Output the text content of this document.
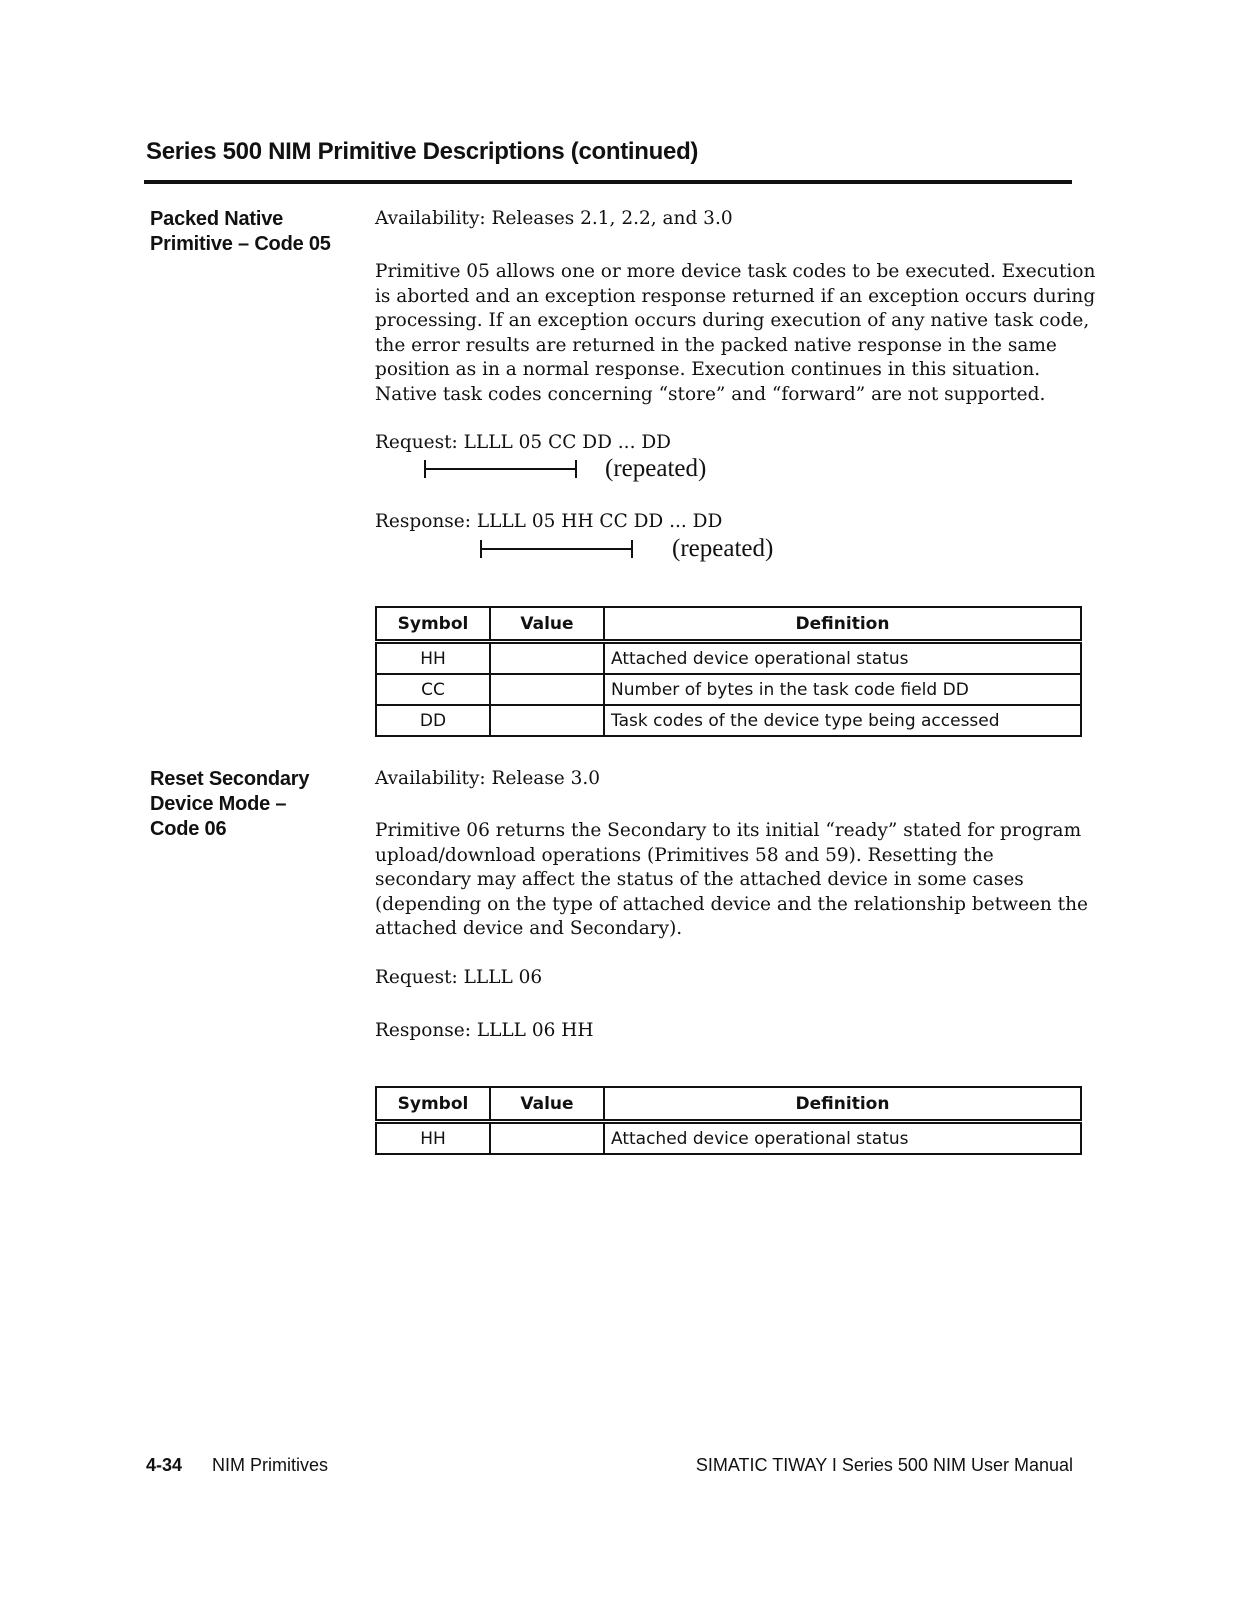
Series 500 NIM Primitive Descriptions (continued)
Packed Native
Primitive – Code 05
Availability: Releases 2.1, 2.2, and 3.0
Primitive 05 allows one or more device task codes to be executed. Execution
is aborted and an exception response returned if an exception occurs during
processing. If an exception occurs during execution of any native task code,
the error results are returned in the packed native response in the same
position as in a normal response. Execution continues in this situation.
Native task codes concerning “store” and “forward” are not supported.
Request: LLLL 05 CC DD ... DD
(repeated)
Response: LLLL 05 HH CC DD ... DD
(repeated)
Symbol	Value	Definition
HH		Attached device operational status
CC		Number of bytes in the task code field DD
DD		Task codes of the device type being accessed
Reset Secondary
Device Mode –
Code 06
Availability: Release 3.0
Primitive 06 returns the Secondary to its initial “ready” stated for program
upload/download operations (Primitives 58 and 59). Resetting the
secondary may affect the status of the attached device in some cases
(depending on the type of attached device and the relationship between the
attached device and Secondary).
Request: LLLL 06
Response: LLLL 06 HH
Symbol	Value	Definition
HH		Attached device operational status
4-34 NIM Primitives	SIMATIC TIWAY I Series 500 NIM User Manual
